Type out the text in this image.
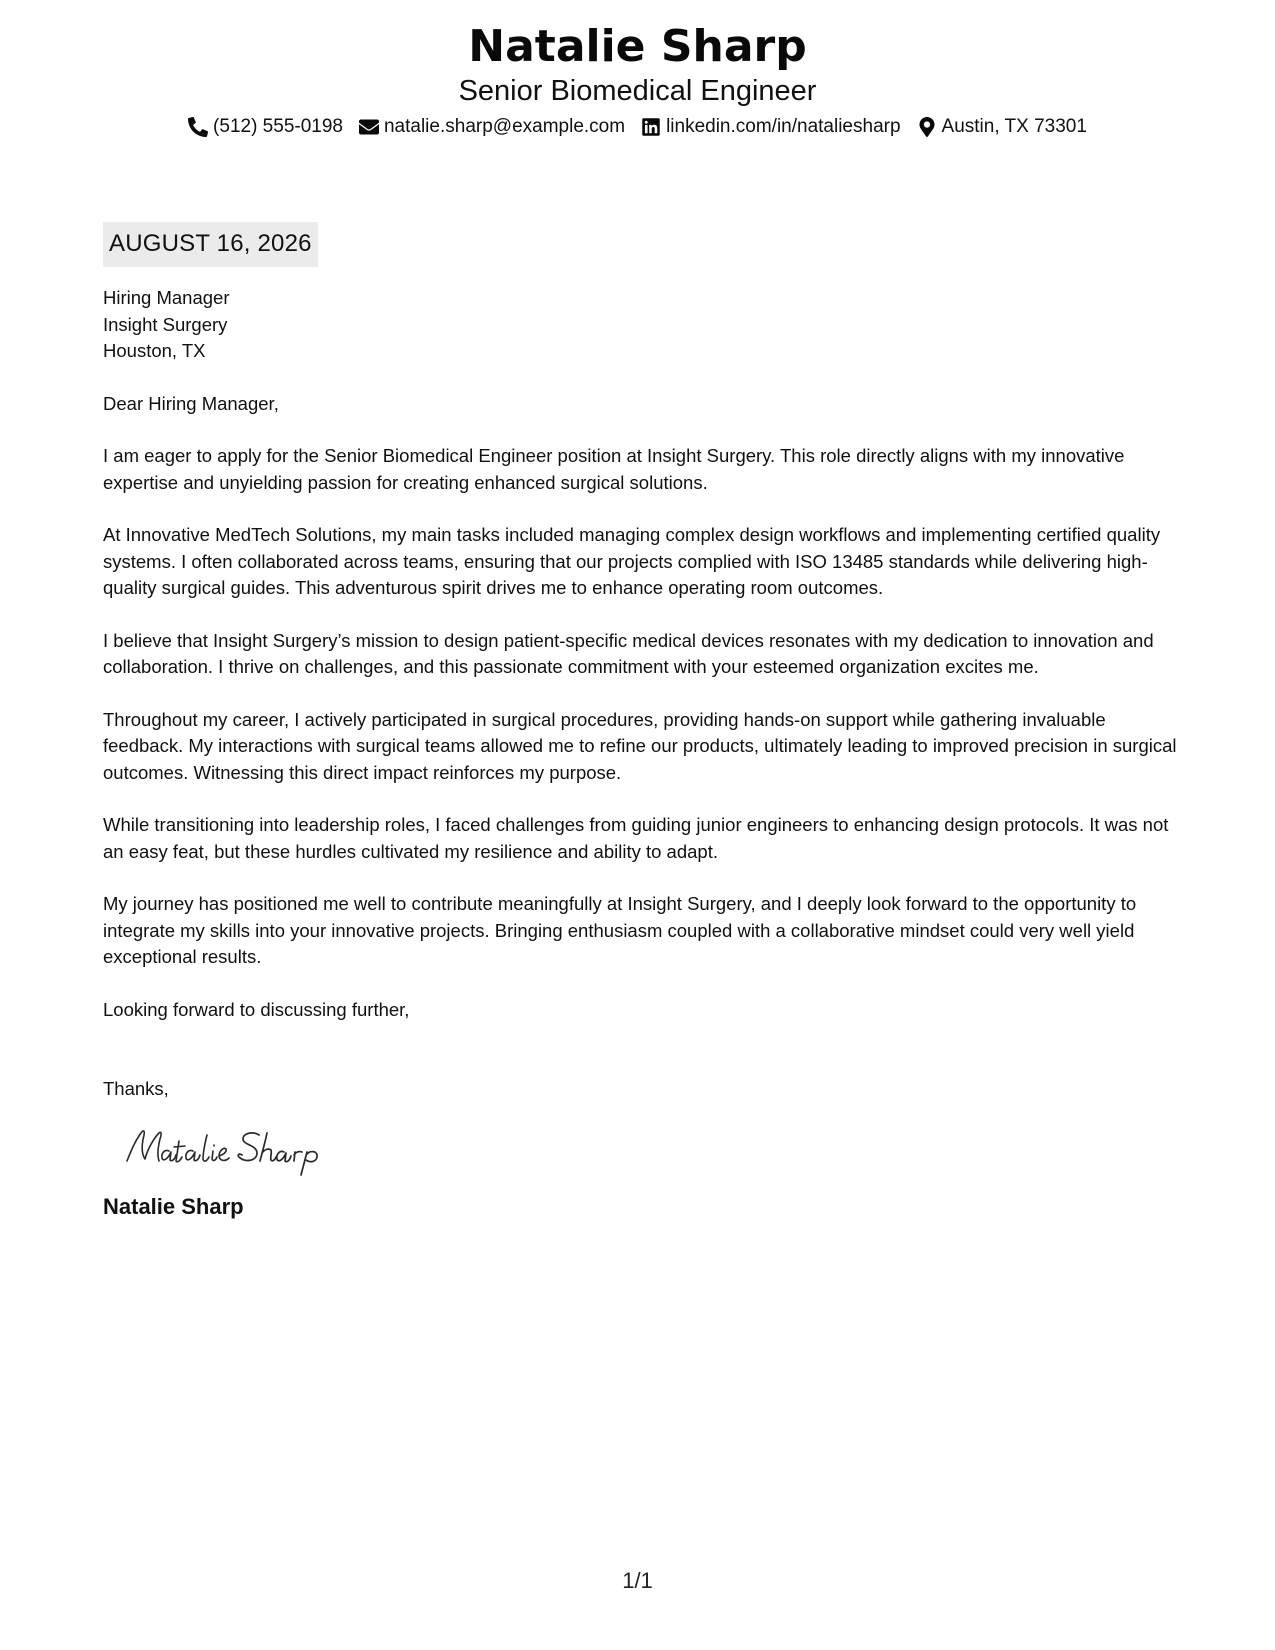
Natalie Sharp
Senior Biomedical Engineer
(512) 555-0198 natalie.sharp@example.com linkedin.com/in/nataliesharp Austin, TX 73301
AUGUST 16, 2026
Hiring Manager
Insight Surgery
Houston, TX
Dear Hiring Manager,

I am eager to apply for the Senior Biomedical Engineer position at Insight Surgery. This role directly aligns with my innovative expertise and unyielding passion for creating enhanced surgical solutions.

At Innovative MedTech Solutions, my main tasks included managing complex design workflows and implementing certified quality systems. I often collaborated across teams, ensuring that our projects complied with ISO 13485 standards while delivering high-quality surgical guides. This adventurous spirit drives me to enhance operating room outcomes.

I believe that Insight Surgery’s mission to design patient-specific medical devices resonates with my dedication to innovation and collaboration. I thrive on challenges, and this passionate commitment with your esteemed organization excites me.

Throughout my career, I actively participated in surgical procedures, providing hands-on support while gathering invaluable feedback. My interactions with surgical teams allowed me to refine our products, ultimately leading to improved precision in surgical outcomes. Witnessing this direct impact reinforces my purpose.

While transitioning into leadership roles, I faced challenges from guiding junior engineers to enhancing design protocols. It was not an easy feat, but these hurdles cultivated my resilience and ability to adapt.

My journey has positioned me well to contribute meaningfully at Insight Surgery, and I deeply look forward to the opportunity to integrate my skills into your innovative projects. Bringing enthusiasm coupled with a collaborative mindset could very well yield exceptional results.

Looking forward to discussing further,
Thanks,
Natalie Sharp
1/1
